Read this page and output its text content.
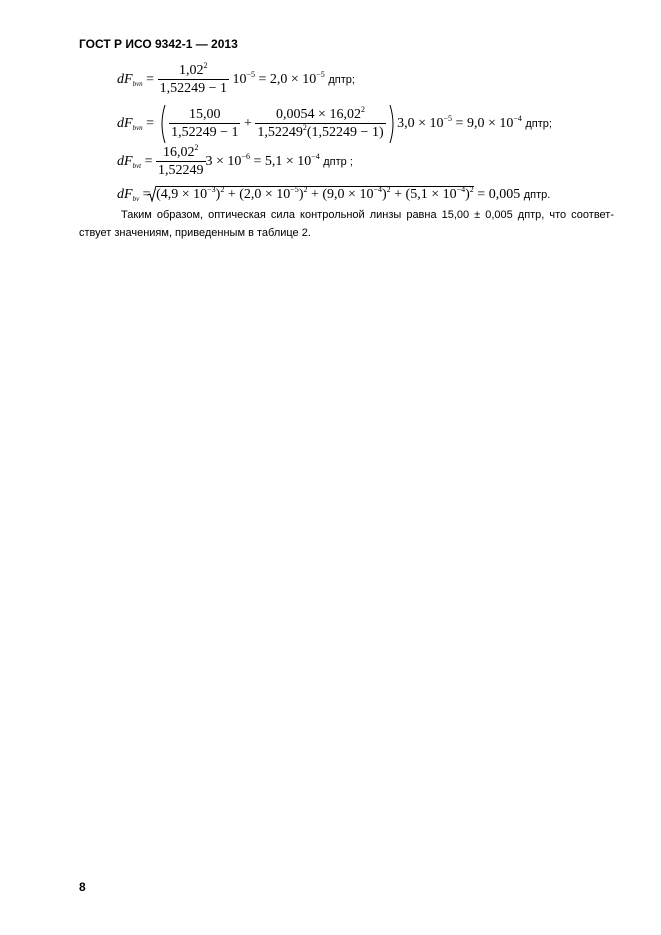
ГОСТ Р ИСО 9342-1 — 2013
$dF_{bvn} = \frac{1,02^2}{1,52249 - 1} 10^{-5} = 2,0 \times 10^{-5}$ дптр;
$dF_{bvn} = \frac{15,00}{1,52249 - 1} + \frac{0,0054 \times 16,02^2}{1,52249^2(1,52249 - 1)} 3,0 \times 10^{-5} = 9,0 \times 10^{-4}$ дптр;
$dF_{bvt} = \frac{16,02^2}{1,52249} 3 \times 10^{-6} = 5,1 \times 10^{-4}$ дптр ;
$dF_{bv} = (4,9 \times 10^{-3})^2 + (2,0 \times 10^{-5})^2 + (9,0 \times 10^{-4})^2 + (5,1 \times 10^{-4})^2 = 0,005$ дптр.
Таким образом, оптическая сила контрольной линзы равна 15,00 ± 0,005 дптр, что соответ-ствует значениям, приведенным в таблице 2.
8
